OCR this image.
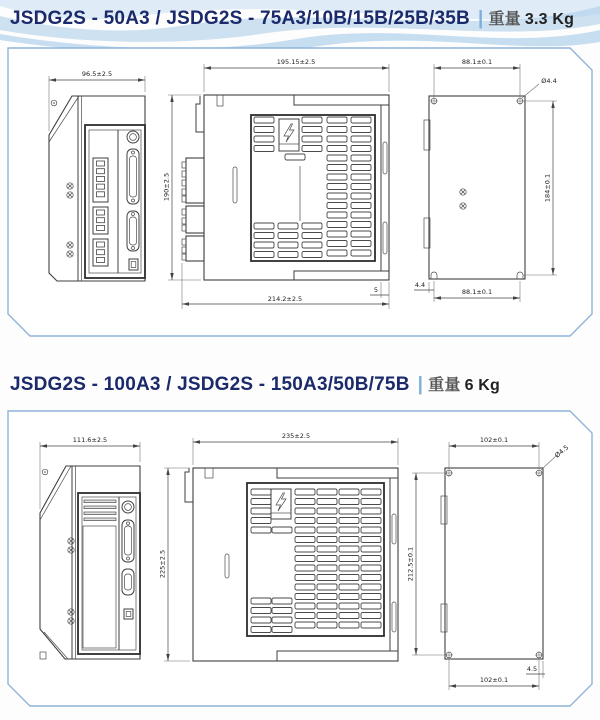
JSDG2S - 50A3 / JSDG2S - 75A3/10B/15B/25B/35B | 重量 3.3 Kg
96.5±2.5
195.15±2.5
190±2.5
214.2±2.5
5
88.1±0.1
Ø4.4
184±0.1
88.1±0.1
4.4
JSDG2S - 100A3 / JSDG2S - 150A3/50B/75B | 重量 6 Kg
111.6±2.5	235±2.5
225±2.5
102±0.1
Ø4.5
212.5±0.1
102±0.1
4.5
